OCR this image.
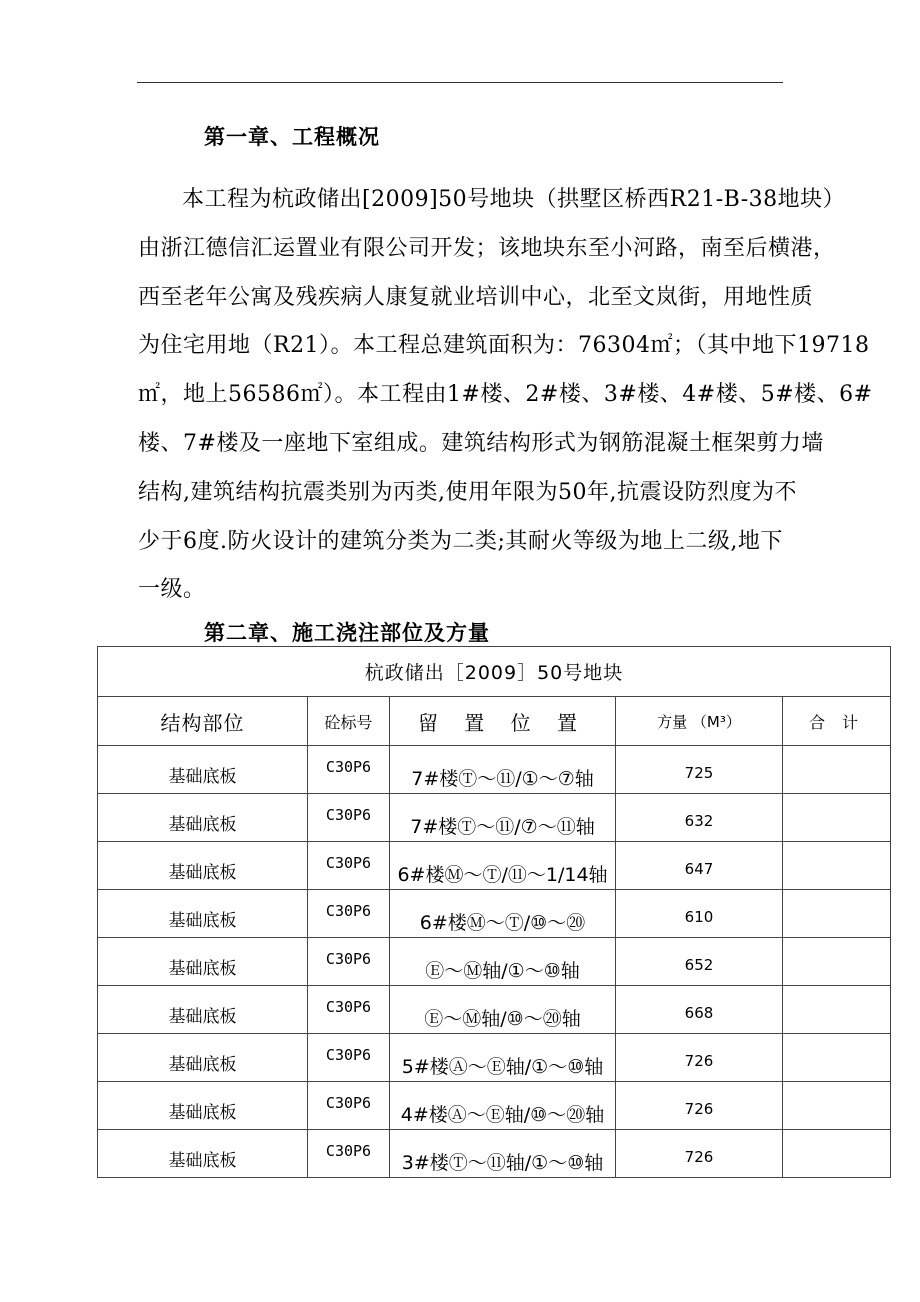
第一章、工程概况
本工程为杭政储出[2009]50号地块（拱墅区桥西R21-B-38地块）
由浙江德信汇运置业有限公司开发；该地块东至小河路，南至后横港，
西至老年公寓及残疾病人康复就业培训中心，北至文岚街，用地性质
为住宅用地（R21）。本工程总建筑面积为：76304㎡；（其中地下19718
㎡，地上56586㎡）。本工程由1#楼、2#楼、3#楼、4#楼、5#楼、6#
楼、7#楼及一座地下室组成。建筑结构形式为钢筋混凝土框架剪力墙
结构,建筑结构抗震类别为丙类,使用年限为50年,抗震设防烈度为不
少于6度.防火设计的建筑分类为二类;其耐火等级为地上二级,地下
一级。
第二章、施工浇注部位及方量
杭政储出［2009］50号地块				
结构部位	砼标号	留 置 位 置	方量 （M³）	合 计
基础底板	C30P6	7#楼Ⓣ～⑪/①～⑦轴	725	
基础底板	C30P6	7#楼Ⓣ～⑪/⑦～⑪轴	632	
基础底板	C30P6	6#楼Ⓜ～Ⓣ/⑪～1/14轴	647	
基础底板	C30P6	6#楼Ⓜ～Ⓣ/⑩～⑳	610	
基础底板	C30P6	Ⓔ～Ⓜ轴/①～⑩轴	652	
基础底板	C30P6	Ⓔ～Ⓜ轴/⑩～⑳轴	668	
基础底板	C30P6	5#楼Ⓐ～Ⓔ轴/①～⑩轴	726	
基础底板	C30P6	4#楼Ⓐ～Ⓔ轴/⑩～⑳轴	726	
基础底板	C30P6	3#楼Ⓣ～⑪轴/①～⑩轴	726	
